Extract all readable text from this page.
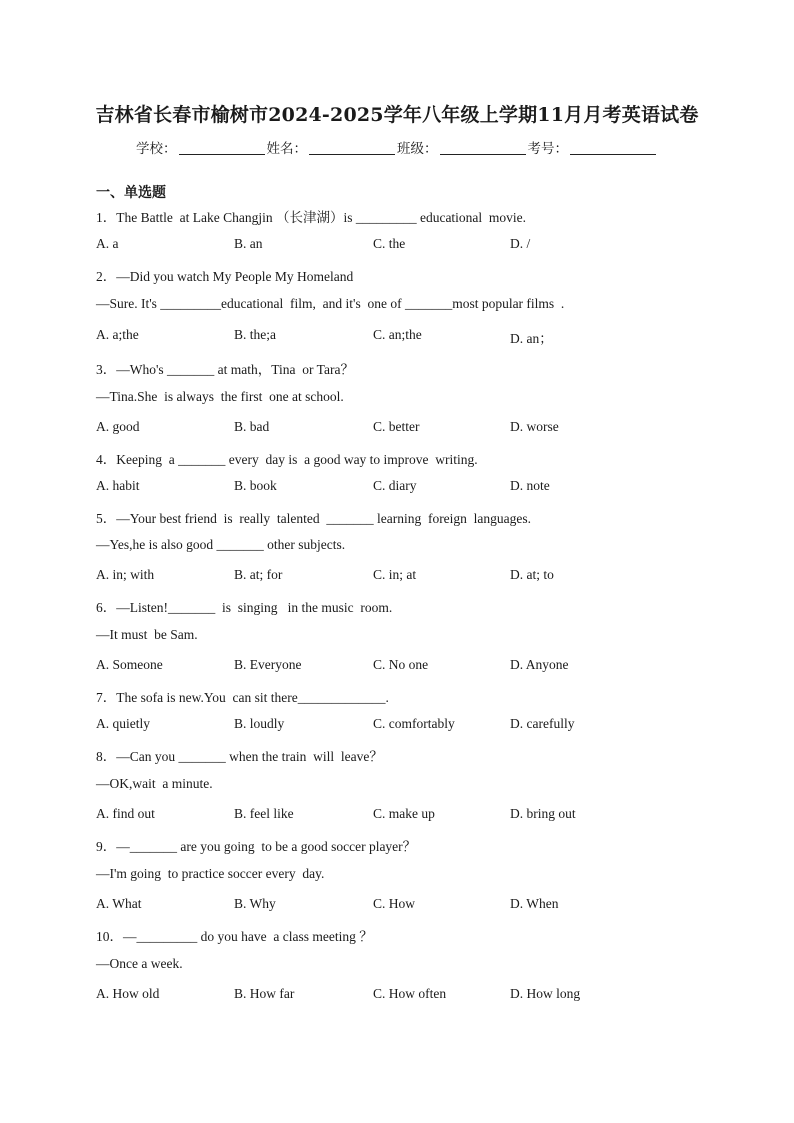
吉林省长春市榆树市2024-2025学年八年级上学期11月月考英语试卷
学校：	姓名：	班级：	考号：
一、单选题
1．The Battle  at Lake Changjin （长津湖）is _________ educational  movie.
A. a	B. an	C. the	D. /
2．—Did you watch My People My Homeland
—Sure. It's _________educational  film,  and it's  one of _______most popular films  .
A. a;the	B. the;a	C. an;the	D. an；
3．—Who's _______ at math，Tina  or Tara？
—Tina.She  is always  the first  one at school.
A. good	B. bad	C. better	D. worse
4．Keeping  a _______ every  day is  a good way to improve  writing.
A. habit	B. book	C. diary	D. note
5．—Your best friend  is  really  talented  _______ learning  foreign  languages.
—Yes,he is also good _______ other subjects.
A. in; with	B. at; for	C. in; at	D. at; to
6．—Listen!_______  is  singing   in the music  room.
—It must  be Sam.
A. Someone	B. Everyone	C. No one	D. Anyone
7．The sofa is new.You  can sit there_____________.
A. quietly	B. loudly	C. comfortably	D. carefully
8．—Can you _______ when the train  will  leave？
—OK,wait  a minute.
A. find out	B. feel like	C. make up	D. bring out
9．—_______ are you going  to be a good soccer player？
—I'm going  to practice soccer every  day.
A. What	B. Why	C. How	D. When
10．—_________ do you have  a class meeting ？
—Once a week.
A. How old	B. How far	C. How often	D. How long
